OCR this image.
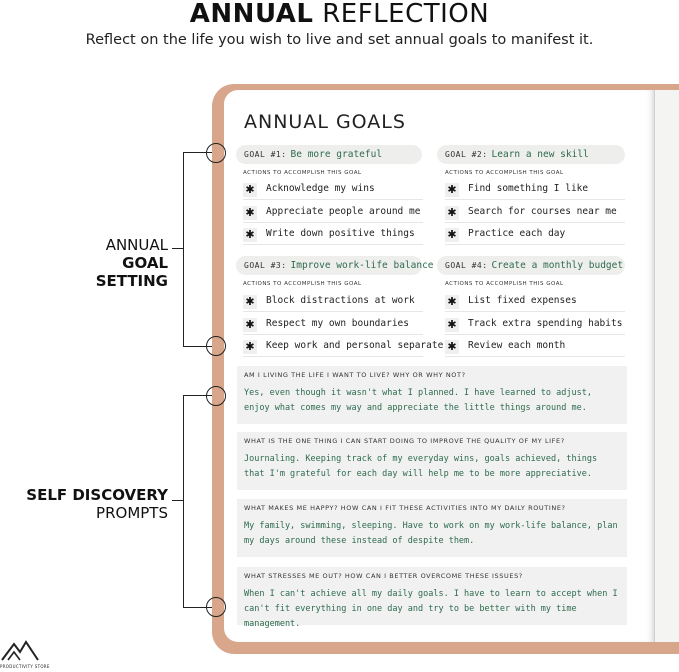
ANNUAL REFLECTION
Reflect on the life you wish to live and set annual goals to manifest it.
ANNUAL
GOAL SETTING
SELF DISCOVERY
PROMPTS
ANNUAL GOALS
GOAL #1: Be more grateful
ACTIONS TO ACCOMPLISH THIS GOAL
✱ Acknowledge my wins
✱ Appreciate people around me
✱ Write down positive things
GOAL #2: Learn a new skill
ACTIONS TO ACCOMPLISH THIS GOAL
✱ Find something I like
✱ Search for courses near me
✱ Practice each day
GOAL #3: Improve work-life balance
ACTIONS TO ACCOMPLISH THIS GOAL
✱ Block distractions at work
✱ Respect my own boundaries
✱ Keep work and personal separate
GOAL #4: Create a monthly budget
ACTIONS TO ACCOMPLISH THIS GOAL
✱ List fixed expenses
✱ Track extra spending habits
✱ Review each month
AM I LIVING THE LIFE I WANT TO LIVE? WHY OR WHY NOT?
Yes, even though it wasn't what I planned. I have learned to adjust, enjoy what comes my way and appreciate the little things around me.
WHAT IS THE ONE THING I CAN START DOING TO IMPROVE THE QUALITY OF MY LIFE?
Journaling. Keeping track of my everyday wins, goals achieved, things that I'm grateful for each day will help me to be more appreciative.
WHAT MAKES ME HAPPY? HOW CAN I FIT THESE ACTIVITIES INTO MY DAILY ROUTINE?
My family, swimming, sleeping. Have to work on my work-life balance, plan my days around these instead of despite them.
WHAT STRESSES ME OUT? HOW CAN I BETTER OVERCOME THESE ISSUES?
When I can't achieve all my daily goals. I have to learn to accept when I can't fit everything in one day and try to be better with my time management.
PRODUCTIVITY STORE
